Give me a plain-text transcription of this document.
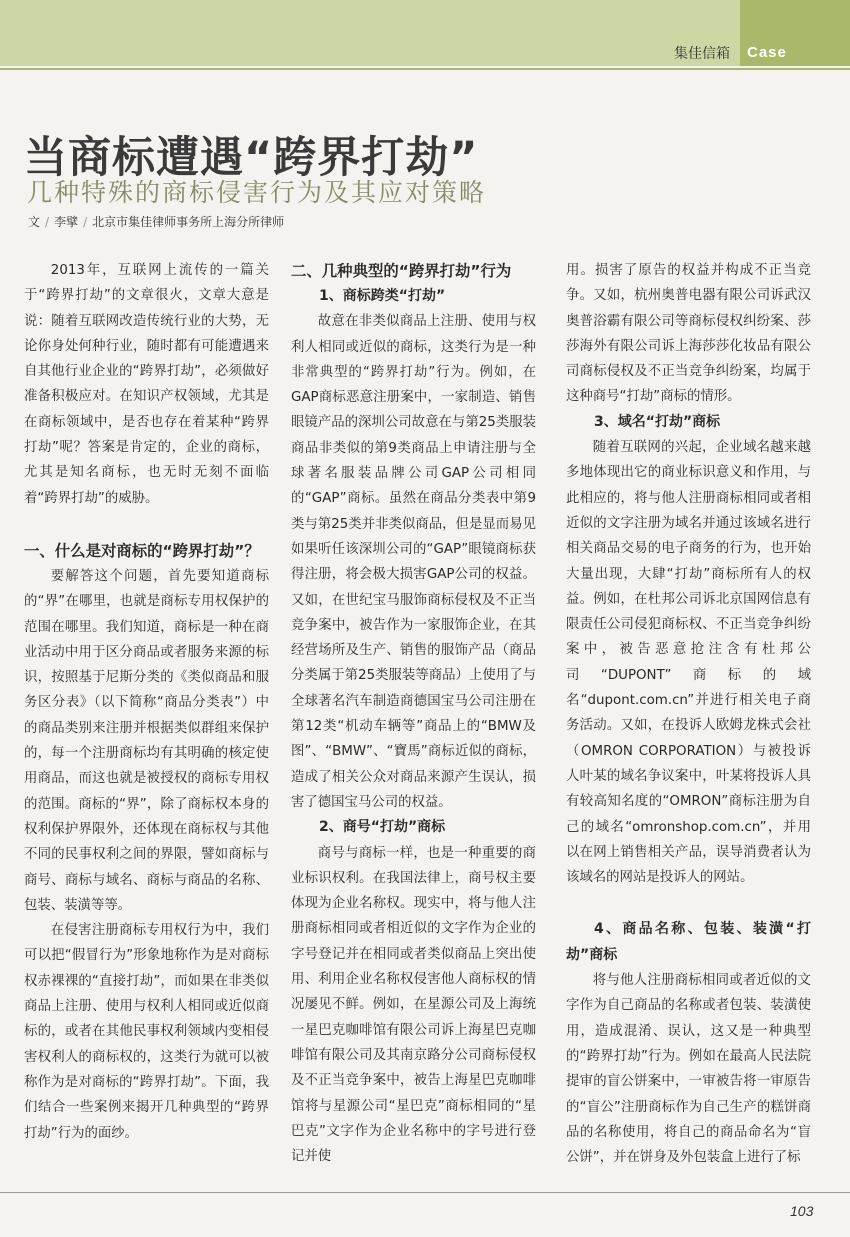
集佳信箱 Case
当商标遭遇“跨界打劫”
几种特殊的商标侵害行为及其应对策略
文 / 李擘 / 北京市集佳律师事务所上海分所律师

2013年，互联网上流传的一篇关于“跨界打劫”的文章很火，文章大意是说：随着互联网改造传统行业的大势，无论你身处何种行业，随时都有可能遭遇来自其他行业企业的“跨界打劫”，必须做好准备积极应对。在知识产权领域，尤其是在商标领域中，是否也存在着某种“跨界打劫”呢？答案是肯定的，企业的商标，尤其是知名商标，也无时无刻不面临着“跨界打劫”的威胁。

一、什么是对商标的“跨界打劫”？

要解答这个问题，首先要知道商标的“界”在哪里，也就是商标专用权保护的范围在哪里。我们知道，商标是一种在商业活动中用于区分商品或者服务来源的标识，按照基于尼斯分类的《类似商品和服务区分表》（以下简称“商品分类表”）中的商品类别来注册并根据类似群组来保护的，每一个注册商标均有其明确的核定使用商品，而这也就是被授权的商标专用权的范围。商标的“界”，除了商标权本身的权利保护界限外，还体现在商标权与其他不同的民事权利之间的界限，譬如商标与商号、商标与域名、商标与商品的名称、包装、装潢等等。

在侵害注册商标专用权行为中，我们可以把“假冒行为”形象地称作为是对商标权赤裸裸的“直接打劫”，而如果在非类似商品上注册、使用与权利人相同或近似商标的，或者在其他民事权利领域内变相侵害权利人的商标权的，这类行为就可以被称作为是对商标的“跨界打劫”。下面，我们结合一些案例来揭开几种典型的“跨界打劫”行为的面纱。

二、几种典型的“跨界打劫”行为
1、商标跨类“打劫”

故意在非类似商品上注册、使用与权利人相同或近似的商标，这类行为是一种非常典型的“跨界打劫”行为。例如，在GAP商标恶意注册案中，一家制造、销售眼镜产品的深圳公司故意在与第25类服装商品非类似的第9类商品上申请注册与全球著名服装品牌公司GAP公司相同的“GAP”商标。虽然在商品分类表中第9类与第25类并非类似商品，但是显而易见如果听任该深圳公司的“GAP”眼镜商标获得注册，将会极大损害GAP公司的权益。又如，在世纪宝马服饰商标侵权及不正当竞争案中，被告作为一家服饰企业，在其经营场所及生产、销售的服饰产品（商品分类属于第25类服装等商品）上使用了与全球著名汽车制造商德国宝马公司注册在第12类“机动车辆等”商品上的“BMW及图”、“BMW”、“寶馬”商标近似的商标，造成了相关公众对商品来源产生误认，损害了德国宝马公司的权益。

2、商号“打劫”商标

商号与商标一样，也是一种重要的商业标识权利。在我国法律上，商号权主要体现为企业名称权。现实中，将与他人注册商标相同或者相近似的文字作为企业的字号登记并在相同或者类似商品上突出使用、利用企业名称权侵害他人商标权的情况屡见不鲜。例如，在星源公司及上海统一星巴克咖啡馆有限公司诉上海星巴克咖啡馆有限公司及其南京路分公司商标侵权及不正当竞争案中，被告上海星巴克咖啡馆将与星源公司“星巴克”商标相同的“星巴克”文字作为企业名称中的字号进行登记并使

用。损害了原告的权益并构成不正当竞争。又如，杭州奥普电器有限公司诉武汉奥普浴霸有限公司等商标侵权纠纷案、莎莎海外有限公司诉上海莎莎化妆品有限公司商标侵权及不正当竞争纠纷案，均属于这种商号“打劫”商标的情形。

3、域名“打劫”商标

随着互联网的兴起，企业域名越来越多地体现出它的商业标识意义和作用，与此相应的，将与他人注册商标相同或者相近似的文字注册为域名并通过该域名进行相关商品交易的电子商务的行为，也开始大量出现，大肆“打劫”商标所有人的权益。例如，在杜邦公司诉北京国网信息有限责任公司侵犯商标权、不正当竞争纠纷案中，被告恶意抢注含有杜邦公司“DUPONT”商标的域名“dupont.com.cn”并进行相关电子商务活动。又如，在投诉人欧姆龙株式会社（OMRON CORPORATION）与被投诉人叶某的域名争议案中，叶某将投诉人具有较高知名度的“OMRON”商标注册为自己的域名“omronshop.com.cn”，并用以在网上销售相关产品，误导消费者认为该域名的网站是投诉人的网站。

4、商品名称、包装、装潢“打劫”商标

将与他人注册商标相同或者近似的文字作为自己商品的名称或者包装、装潢使用，造成混淆、误认，这又是一种典型的“跨界打劫”行为。例如在最高人民法院提审的盲公饼案中，一审被告将一审原告的“盲公”注册商标作为自己生产的糕饼商品的名称使用，将自己的商品命名为“盲公饼”，并在饼身及外包装盒上进行了标

103
